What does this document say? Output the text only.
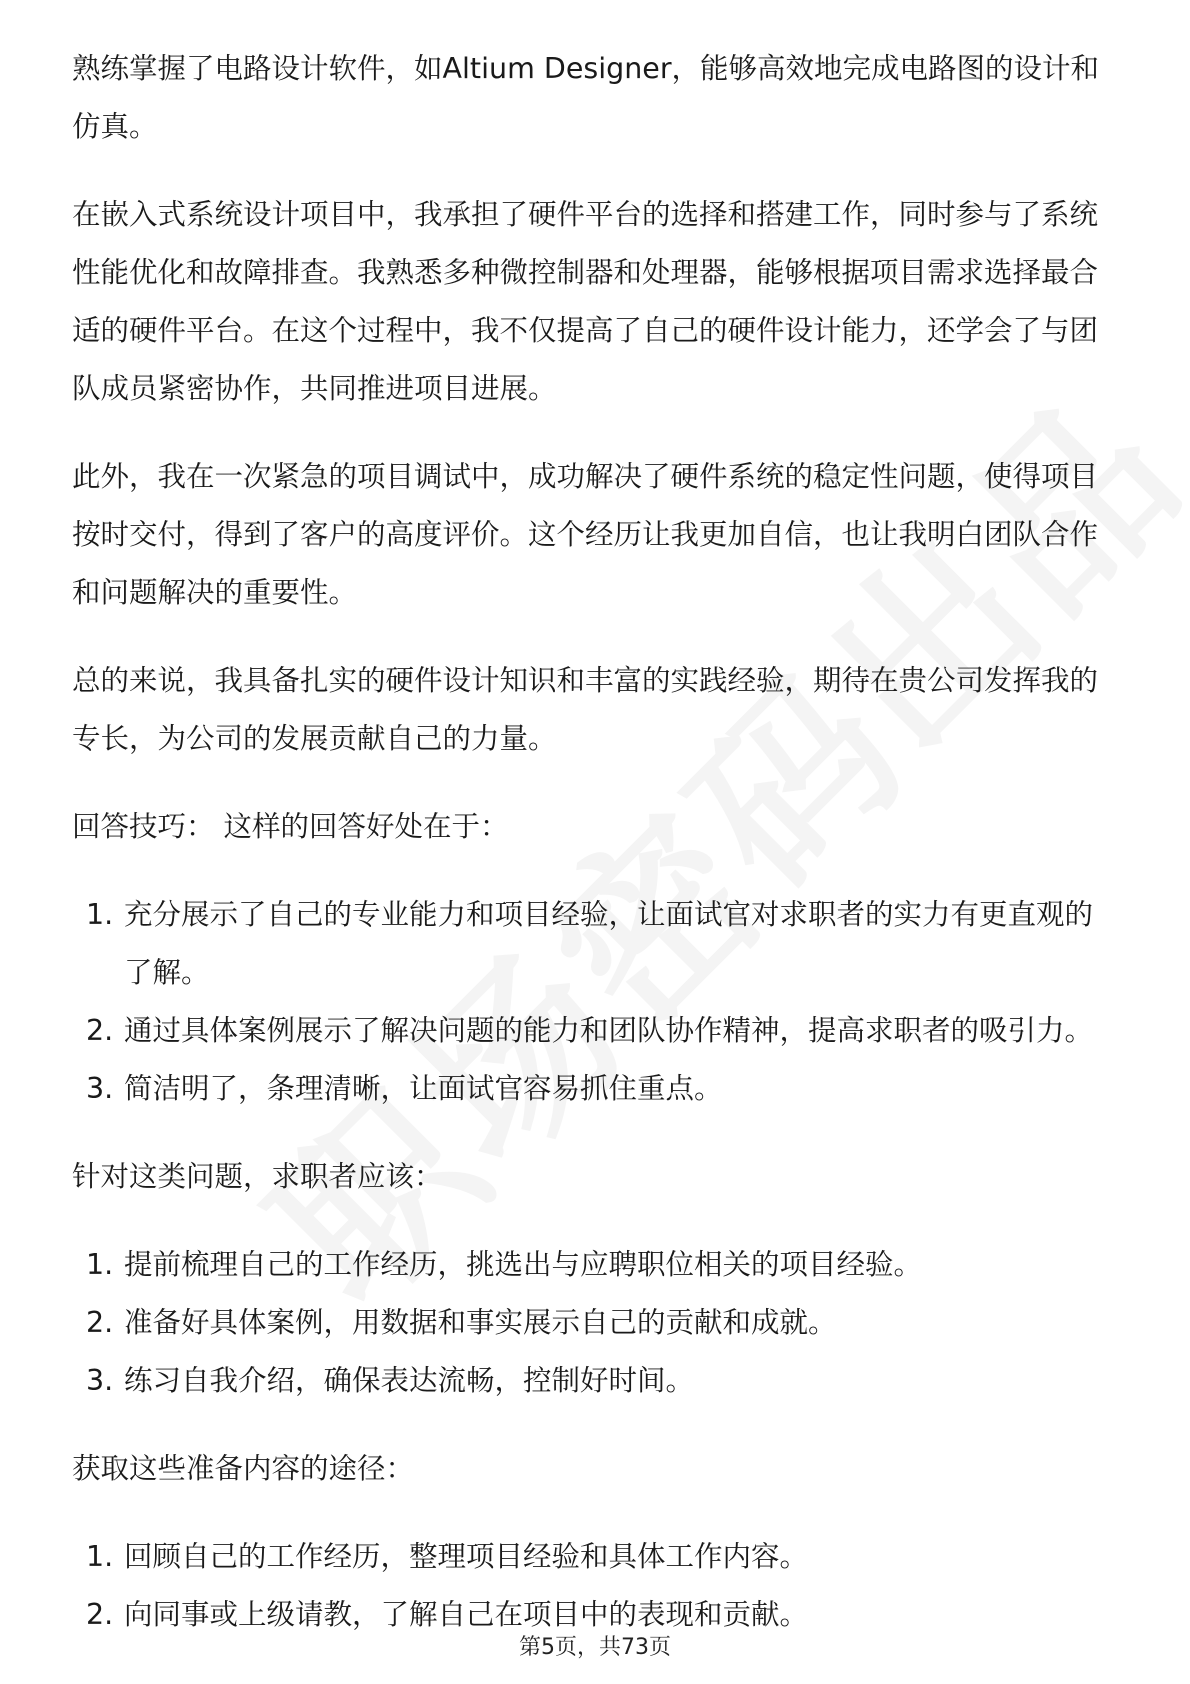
熟练掌握了电路设计软件，如Altium Designer，能够高效地完成电路图的设计和仿真。

在嵌入式系统设计项目中，我承担了硬件平台的选择和搭建工作，同时参与了系统性能优化和故障排查。我熟悉多种微控制器和处理器，能够根据项目需求选择最合适的硬件平台。在这个过程中，我不仅提高了自己的硬件设计能力，还学会了与团队成员紧密协作，共同推进项目进展。

此外，我在一次紧急的项目调试中，成功解决了硬件系统的稳定性问题，使得项目按时交付，得到了客户的高度评价。这个经历让我更加自信，也让我明白团队合作和问题解决的重要性。

总的来说，我具备扎实的硬件设计知识和丰富的实践经验，期待在贵公司发挥我的专长，为公司的发展贡献自己的力量。

回答技巧： 这样的回答好处在于：

1. 充分展示了自己的专业能力和项目经验，让面试官对求职者的实力有更直观的了解。
2. 通过具体案例展示了解决问题的能力和团队协作精神，提高求职者的吸引力。
3. 简洁明了，条理清晰，让面试官容易抓住重点。

针对这类问题，求职者应该：

1. 提前梳理自己的工作经历，挑选出与应聘职位相关的项目经验。
2. 准备好具体案例，用数据和事实展示自己的贡献和成就。
3. 练习自我介绍，确保表达流畅，控制好时间。

获取这些准备内容的途径：

1. 回顾自己的工作经历，整理项目经验和具体工作内容。
2. 向同事或上级请教，了解自己在项目中的表现和贡献。
第5页，共73页
